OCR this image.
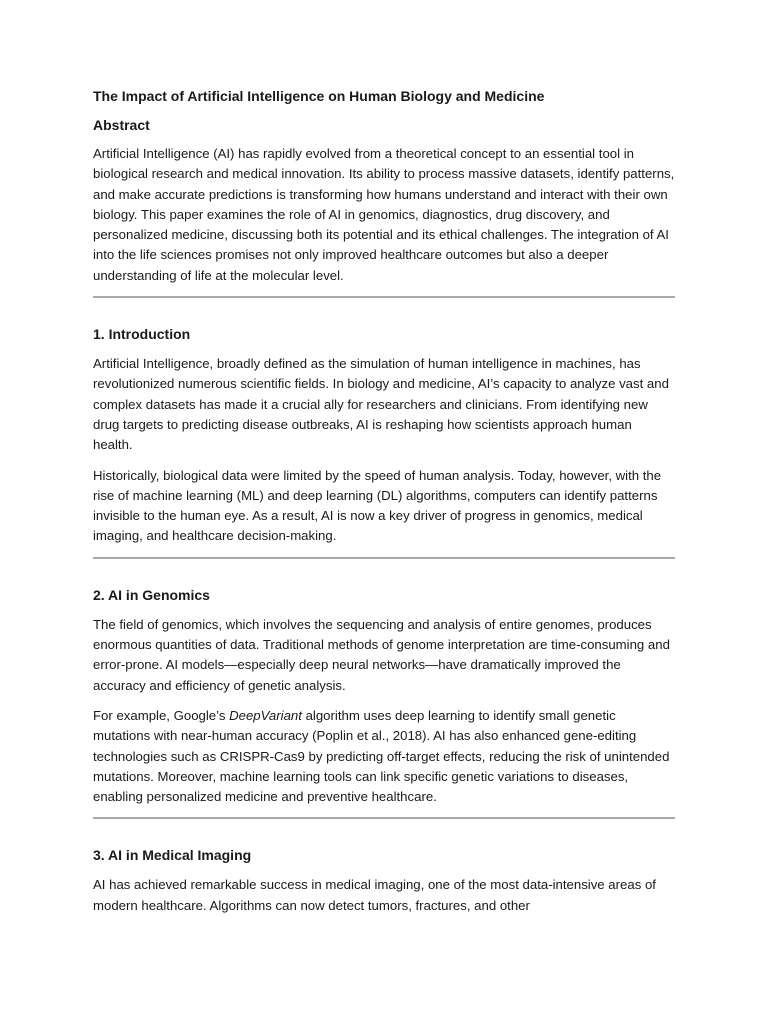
The Impact of Artificial Intelligence on Human Biology and Medicine
Abstract

Artificial Intelligence (AI) has rapidly evolved from a theoretical concept to an essential tool in biological research and medical innovation. Its ability to process massive datasets, identify patterns, and make accurate predictions is transforming how humans understand and interact with their own biology. This paper examines the role of AI in genomics, diagnostics, drug discovery, and personalized medicine, discussing both its potential and its ethical challenges. The integration of AI into the life sciences promises not only improved healthcare outcomes but also a deeper understanding of life at the molecular level.

1. Introduction

Artificial Intelligence, broadly defined as the simulation of human intelligence in machines, has revolutionized numerous scientific fields. In biology and medicine, AI’s capacity to analyze vast and complex datasets has made it a crucial ally for researchers and clinicians. From identifying new drug targets to predicting disease outbreaks, AI is reshaping how scientists approach human health.

Historically, biological data were limited by the speed of human analysis. Today, however, with the rise of machine learning (ML) and deep learning (DL) algorithms, computers can identify patterns invisible to the human eye. As a result, AI is now a key driver of progress in genomics, medical imaging, and healthcare decision-making.

2. AI in Genomics

The field of genomics, which involves the sequencing and analysis of entire genomes, produces enormous quantities of data. Traditional methods of genome interpretation are time-consuming and error-prone. AI models—especially deep neural networks—have dramatically improved the accuracy and efficiency of genetic analysis.

For example, Google’s DeepVariant algorithm uses deep learning to identify small genetic mutations with near-human accuracy (Poplin et al., 2018). AI has also enhanced gene-editing technologies such as CRISPR-Cas9 by predicting off-target effects, reducing the risk of unintended mutations. Moreover, machine learning tools can link specific genetic variations to diseases, enabling personalized medicine and preventive healthcare.

3. AI in Medical Imaging

AI has achieved remarkable success in medical imaging, one of the most data-intensive areas of modern healthcare. Algorithms can now detect tumors, fractures, and other
